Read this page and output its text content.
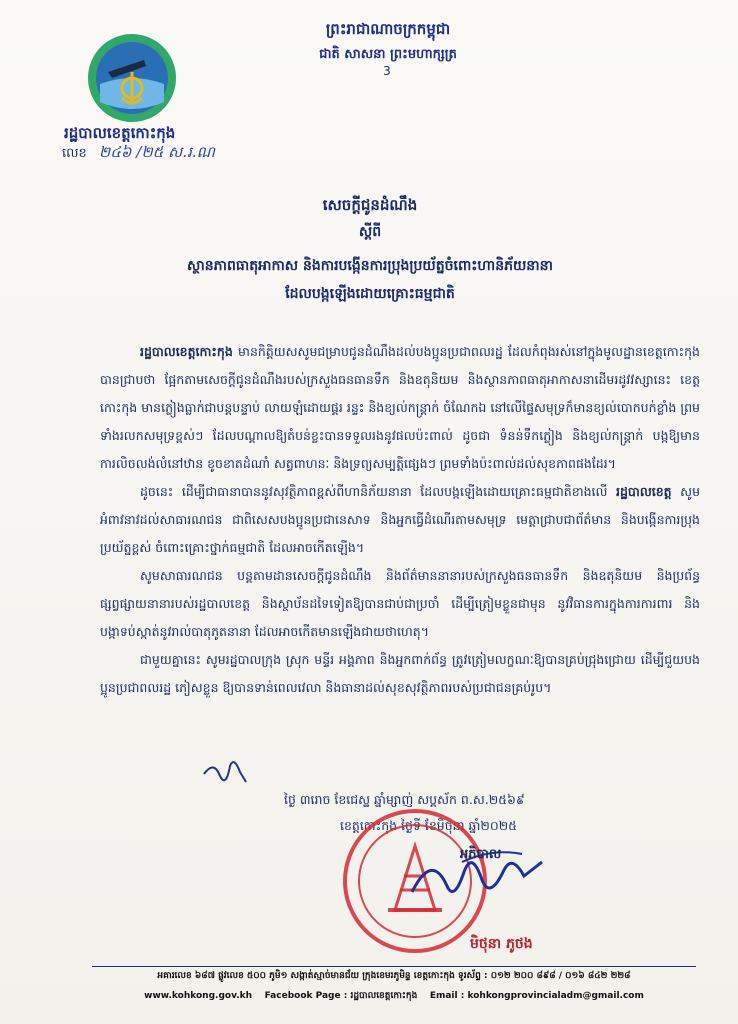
រដ្ឋបាលខេត្តកោះកុង
លេខ ២៤៦ /២៥ ស.រ.ណ
ព្រះរាជាណាចក្រកម្ពុជា
ជាតិ សាសនា ព្រះមហាក្សត្រ
3
សេចក្តីជូនដំណឹង
ស្តីពី
ស្ថានភាពធាតុអាកាស និងការបង្កើនការប្រុងប្រយ័ត្នចំពោះហានិភ័យនានា
ដែលបង្កឡើងដោយគ្រោះធម្មជាតិ

រដ្ឋបាលខេត្តកោះកុង មានកិត្តិយសសូមជម្រាបជូនដំណឹងដល់បងប្អូនប្រជាពលរដ្ឋ ដែលកំពុងរស់នៅក្នុងមូលដ្ឋានខេត្តកោះកុង បានជ្រាបថា ផ្អែកតាមសេចក្តីជូនដំណឹងរបស់ក្រសួងធនធានទឹក និងឧតុនិយម និងស្ថានភាពធាតុអាកាសនាដើមរដូវវស្សានេះ ខេត្តកោះកុង មានភ្លៀងធ្លាក់ជាបន្តបន្ទាប់ លាយឡំដោយផ្គរ រន្ទះ និងខ្យល់កន្ត្រាក់ ចំណែកឯ នៅលើផ្ទៃសមុទ្រក៏មានខ្យល់បោកបក់ខ្លាំង ព្រមទាំងរលកសមុទ្រខ្ពស់ៗ ដែលបណ្តាលឱ្យតំបន់ខ្លះបានទទួលរងនូវផលប៉ះពាល់ ដូចជា ទំនន់ទឹកភ្លៀង និងខ្យល់កន្ត្រាក់ បង្កឱ្យមានការលិចលង់លំនៅឋាន ខូចខាតដំណាំ សត្វពាហនៈ និងទ្រព្យសម្បត្តិផ្សេងៗ ព្រមទាំងប៉ះពាល់ដល់សុខភាពផងដែរ។

ដូចនេះ ដើម្បីជាធានាបាននូវសុវត្ថិភាពខ្ពស់ពីហានិភ័យនានា ដែលបង្កឡើងដោយគ្រោះធម្មជាតិខាងលើ រដ្ឋបាលខេត្ត សូមអំពាវនាវដល់សាធារណជន ជាពិសេសបងប្អូនប្រជានេសាទ និងអ្នកធ្វើដំណើរតាមសមុទ្រ មេត្តាជ្រាបជាព័ត៌មាន និងបង្កើនការប្រុងប្រយ័ត្នខ្ពស់ ចំពោះគ្រោះថ្នាក់ធម្មជាតិ ដែលអាចកើតឡើង។

សូមសាធារណជន បន្តតាមដានសេចក្តីជូនដំណឹង និងព័ត៌មាននានារបស់ក្រសួងធនធានទឹក និងឧតុនិយម និងប្រព័ន្ធផ្សព្វផ្សាយនានារបស់រដ្ឋបាលខេត្ត និងស្ថាប័នដទៃទៀតឱ្យបានជាប់ជាប្រចាំ ដើម្បីត្រៀមខ្លួនជាមុន នូវវិធានការក្នុងការការពារ និងបង្កាទប់ស្កាត់នូវរាល់បាតុភូតនានា ដែលអាចកើតមានឡើងជាយថាហេតុ។

ជាមួយគ្នានេះ សូមរដ្ឋបាលក្រុង ស្រុក មន្ទីរ អង្គភាព និងអ្នកពាក់ព័ន្ធ ត្រូវត្រៀមលក្ខណៈឱ្យបានគ្រប់ជ្រុងជ្រោយ ដើម្បីជួយបងប្អូនប្រជាពលរដ្ឋ ភៀសខ្លួន ឱ្យបានទាន់ពេលវេលា និងធានាដល់សុខសុវត្ថិភាពរបស់ប្រជាជនគ្រប់រូប។

ថ្ងៃ ៣រោច ខែជេស្ឋ ឆ្នាំម្សាញ់ សប្តស័ក ព.ស.២៥៦៩
ខេត្តកោះកុង ថ្ងៃទី ខែមិថុនា ឆ្នាំ២០២៥
អភិបាល
មិថុនា ភូថង
អគារលេខ ៦៨៧ ផ្លូវលេខ ៥០០ ភូមិ១ សង្កាត់ស្មាច់មានជ័យ ក្រុងខេមរភូមិន្ទ ខេត្តកោះកុង ទូរស័ព្ទ : ០១២ ២០០ ៨៩៨ / ០១៦ ៨៤២ ២២៨
www.kohkong.gov.kh Facebook Page : រដ្ឋបាលខេត្តកោះកុង Email : kohkongprovincialadm@gmail.com
